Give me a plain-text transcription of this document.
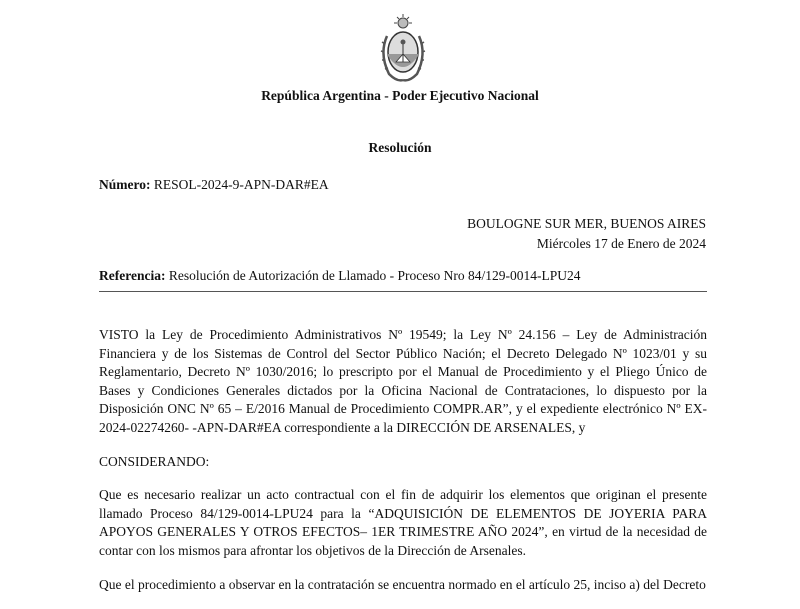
República Argentina - Poder Ejecutivo Nacional
Resolución
Número: RESOL-2024-9-APN-DAR#EA
BOULOGNE SUR MER, BUENOS AIRES
Miércoles 17 de Enero de 2024
Referencia: Resolución de Autorización de Llamado - Proceso Nro 84/129-0014-LPU24

VISTO la Ley de Procedimiento Administrativos Nº 19549; la Ley Nº 24.156 – Ley de Administración Financiera y de los Sistemas de Control del Sector Público Nación; el Decreto Delegado Nº 1023/01 y su Reglamentario, Decreto Nº 1030/2016; lo prescripto por el Manual de Procedimiento y el Pliego Único de Bases y Condiciones Generales dictados por la Oficina Nacional de Contrataciones, lo dispuesto por la Disposición ONC Nº 65 – E/2016 Manual de Procedimiento COMPR.AR”, y el expediente electrónico Nº EX-2024-02274260- -APN-DAR#EA correspondiente a la DIRECCIÓN DE ARSENALES, y

CONSIDERANDO:

Que es necesario realizar un acto contractual con el fin de adquirir los elementos que originan el presente llamado Proceso 84/129-0014-LPU24 para la “ADQUISICIÓN DE ELEMENTOS DE JOYERIA PARA APOYOS GENERALES Y OTROS EFECTOS– 1ER TRIMESTRE AÑO 2024”, en virtud de la necesidad de contar con los mismos para afrontar los objetivos de la Dirección de Arsenales.

Que el procedimiento a observar en la contratación se encuentra normado en el artículo 25, inciso a) del Decreto
